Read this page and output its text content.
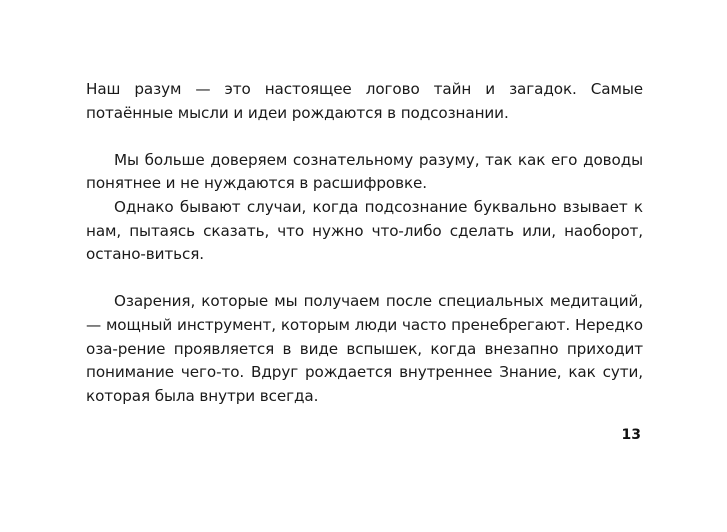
Наш разум — это настоящее логово тайн и загадок. Самые потаённые мысли и идеи рождаются в подсознании.

Мы больше доверяем сознательному разуму, так как его доводы понятнее и не нуждаются в расшифровке.

Однако бывают случаи, когда подсознание буквально взывает к нам, пытаясь сказать, что нужно что-либо сделать или, наоборот, остано-виться.

Озарения, которые мы получаем после специальных медитаций, — мощный инструмент, которым люди часто пренебрегают. Нередко оза-рение проявляется в виде вспышек, когда внезапно приходит понимание чего-то. Вдруг рождается внутреннее Знание, как сути, которая была внутри всегда.

13
